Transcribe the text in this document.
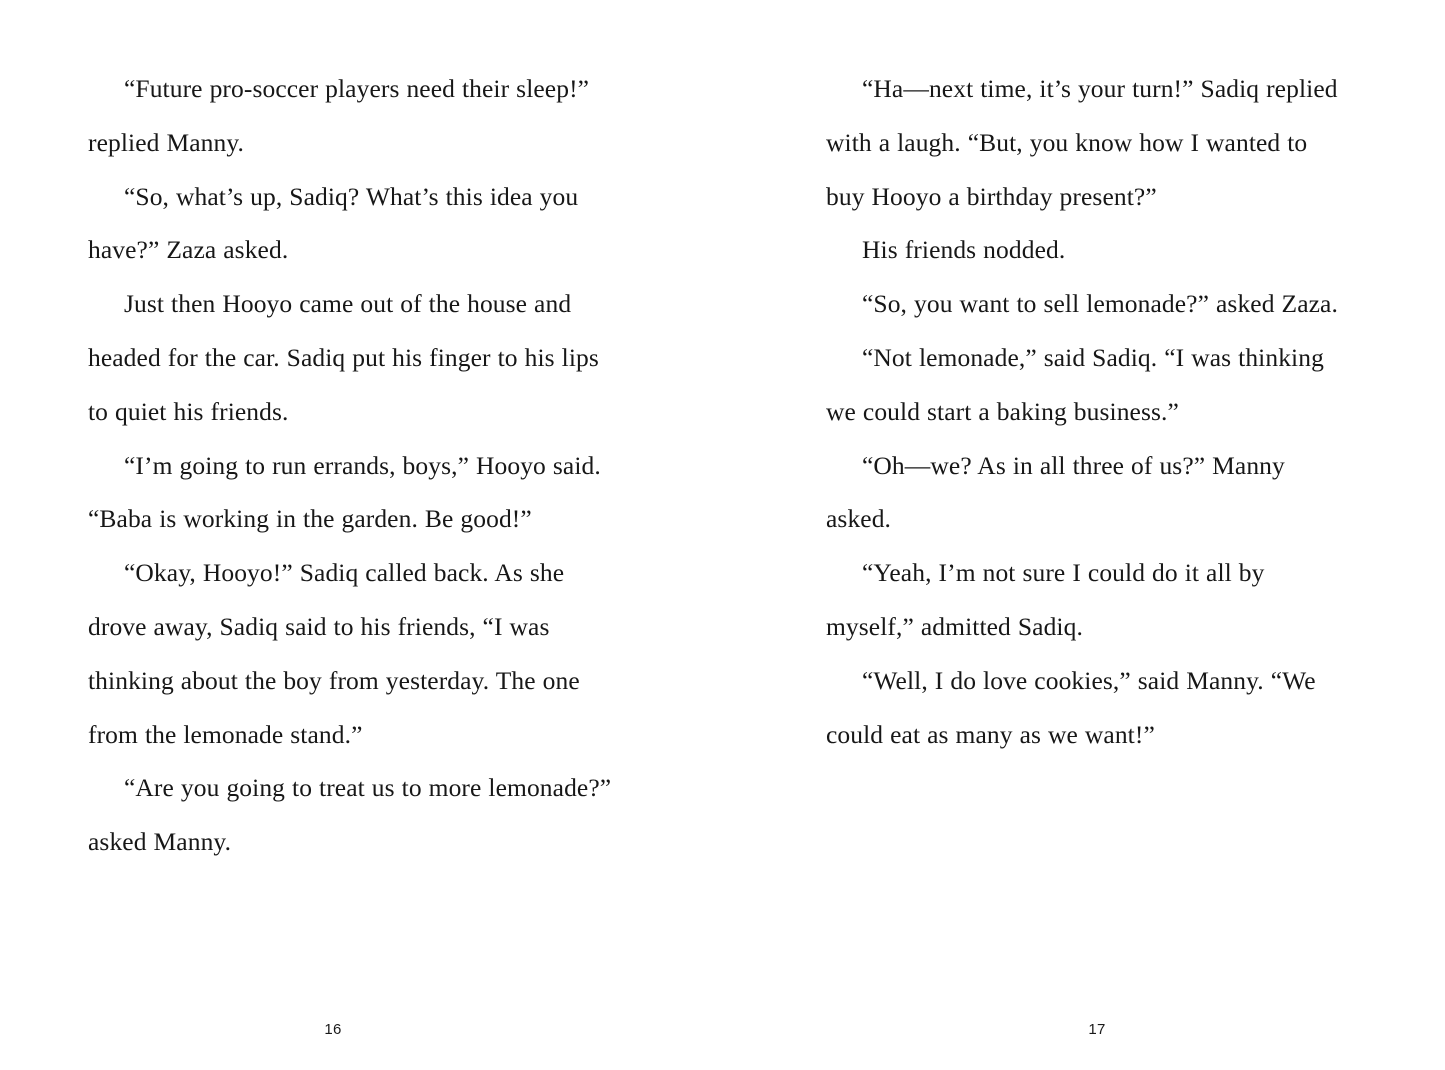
“Future pro-soccer players need their sleep!” replied Manny.

“So, what’s up, Sadiq? What’s this idea you have?” Zaza asked.

Just then Hooyo came out of the house and headed for the car. Sadiq put his finger to his lips to quiet his friends.

“I’m going to run errands, boys,” Hooyo said. “Baba is working in the garden. Be good!”

“Okay, Hooyo!” Sadiq called back. As she drove away, Sadiq said to his friends, “I was thinking about the boy from yesterday. The one from the lemonade stand.”

“Are you going to treat us to more lemonade?” asked Manny.

16

“Ha—next time, it’s your turn!” Sadiq replied with a laugh. “But, you know how I wanted to buy Hooyo a birthday present?”

His friends nodded.

“So, you want to sell lemonade?” asked Zaza.

“Not lemonade,” said Sadiq. “I was thinking we could start a baking business.”

“Oh—we? As in all three of us?” Manny asked.

“Yeah, I’m not sure I could do it all by myself,” admitted Sadiq.

“Well, I do love cookies,” said Manny. “We could eat as many as we want!”

17
